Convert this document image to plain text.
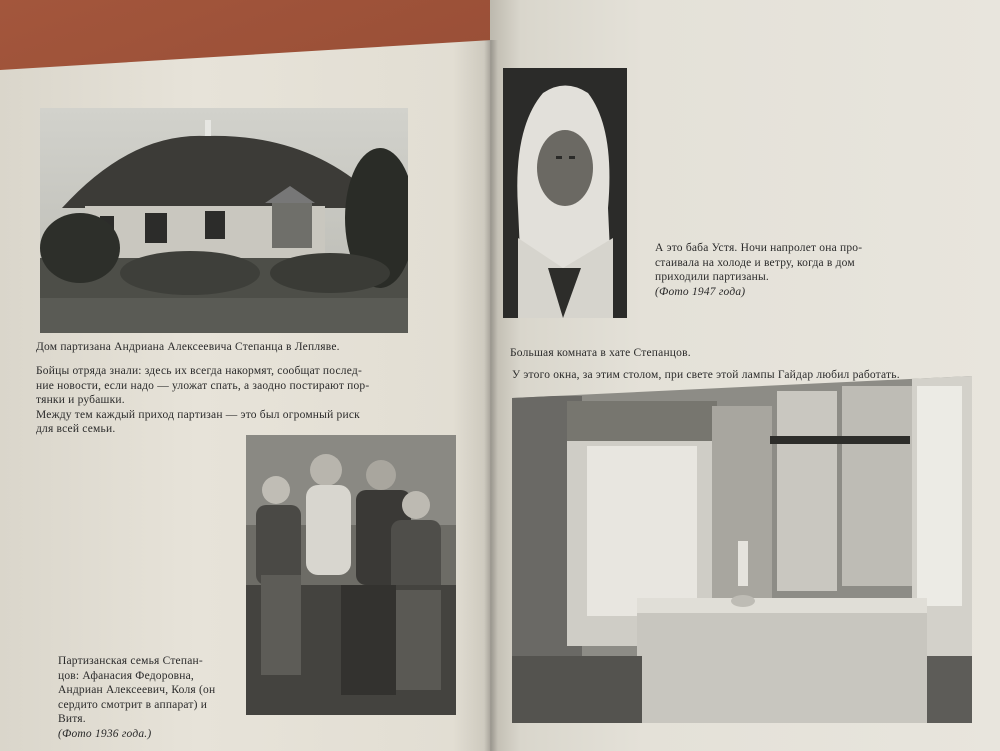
Дом партизана Андриана Алексеевича Степанца в Лепляве.

Бойцы отряда знали: здесь их всегда накормят, сообщат послед-

ние новости, если надо — уложат спать, а заодно постирают пор-

тянки и рубашки.

Между тем каждый приход партизан — это был огромный риск

для всей семьи.

Партизанская семья Степан-

цов: Афанасия Федоровна,

Андриан Алексеевич, Коля (он

сердито смотрит в аппарат) и

Витя.

(Фото 1936 года.)

А это баба Устя. Ночи напролет она про-

стаивала на холоде и ветру, когда в дом

приходили партизаны.

(Фото 1947 года)

Большая комната в хате Степанцов.

У этого окна, за этим столом, при свете этой лампы Гайдар любил работать.
